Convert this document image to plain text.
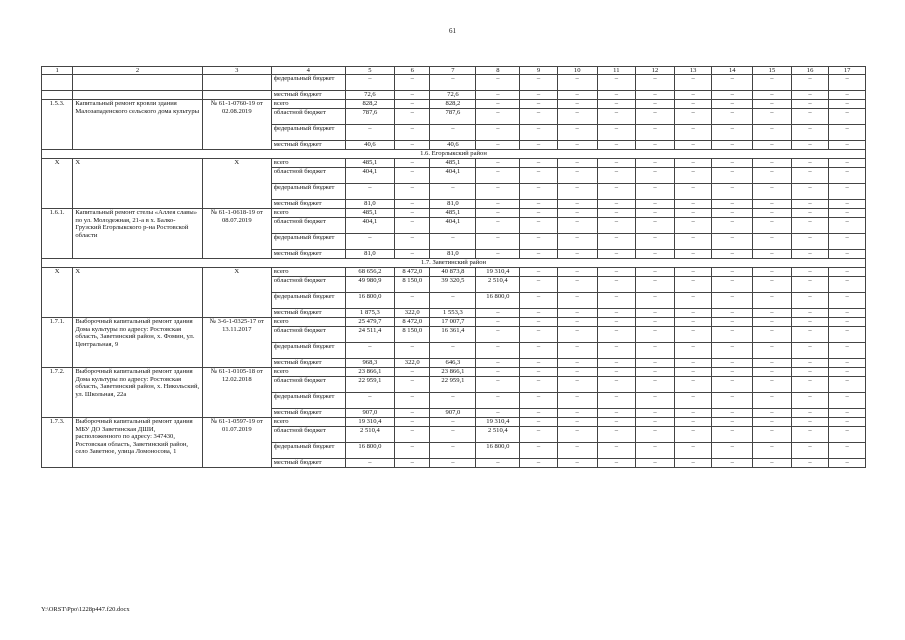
61
1	2	3	4	5	6	7	8	9	10	11	12	13	14	15	16	17
			федеральный бюджет	–	–	–	–	–	–	–	–	–	–	–	–	–
			местный бюджет	72,6	–	72,6	–	–	–	–	–	–	–	–	–	–
1.5.3.	Капитальный ремонт кровли здания Малозападенского сельского дома культуры	№ 61-1-0760-19 от 02.08.2019	всего	828,2	–	828,2	–	–	–	–	–	–	–	–	–	–
			областной бюджет	787,6	–	787,6	–	–	–	–	–	–	–	–	–	–
			федеральный бюджет	–	–	–	–	–	–	–	–	–	–	–	–	–
			местный бюджет	40,6	–	40,6	–	–	–	–	–	–	–	–	–	–
1.6. Егорлыкский район																
X	X	X	всего	485,1	–	485,1	–	–	–	–	–	–	–	–	–	–
			областной бюджет	404,1	–	404,1	–	–	–	–	–	–	–	–	–	–
			федеральный бюджет	–	–	–	–	–	–	–	–	–	–	–	–	–
			местный бюджет	81,0	–	81,0	–	–	–	–	–	–	–	–	–	–
1.6.1.	Капитальный ремонт стелы «Аллея славы» по ул. Молодежная, 21-а в х. Балко-Грузский Егорлыкского р-на Ростовской области	№ 61-1-0618-19 от 08.07.2019	всего	485,1	–	485,1	–	–	–	–	–	–	–	–	–	–
			областной бюджет	404,1	–	404,1	–	–	–	–	–	–	–	–	–	–
			федеральный бюджет	–	–	–	–	–	–	–	–	–	–	–	–	–
			местный бюджет	81,0	–	81,0	–	–	–	–	–	–	–	–	–	–
1.7. Заветинский район																
X	X	X	всего	68 656,2	8 472,0	40 873,8	19 310,4	–	–	–	–	–	–	–	–	–
			областной бюджет	49 980,9	8 150,0	39 320,5	2 510,4	–	–	–	–	–	–	–	–	–
			федеральный бюджет	16 800,0	–	–	16 800,0	–	–	–	–	–	–	–	–	–
			местный бюджет	1 875,3	322,0	1 553,3	–	–	–	–	–	–	–	–	–	–
1.7.1.	Выборочный капитальный ремонт здания Дома культуры по адресу: Ростовская область, Заветинский район, х. Фомин, ул. Центральная, 9	№ 3-6-1-0325-17 от 13.11.2017	всего	25 479,7	8 472,0	17 007,7	–	–	–	–	–	–	–	–	–	–
			областной бюджет	24 511,4	8 150,0	16 361,4	–	–	–	–	–	–	–	–	–	–
			федеральный бюджет	–	–	–	–	–	–	–	–	–	–	–	–	–
			местный бюджет	968,3	322,0	646,3	–	–	–	–	–	–	–	–	–	–
1.7.2.	Выборочный капитальный ремонт здания Дома культуры по адресу: Ростовская область, Заветинский район, х. Никольский, ул. Школьная, 22а	№ 61-1-0105-18 от 12.02.2018	всего	23 866,1	–	23 866,1	–	–	–	–	–	–	–	–	–	–
			областной бюджет	22 959,1	–	22 959,1	–	–	–	–	–	–	–	–	–	–
			федеральный бюджет	–	–	–	–	–	–	–	–	–	–	–	–	–
			местный бюджет	907,0	–	907,0	–	–	–	–	–	–	–	–	–	–
1.7.3.	Выборочный капитальный ремонт здания МБУ ДО Заветинская ДШИ, расположенного по адресу: 347430, Ростовская область, Заветинский район, село Заветное, улица Ломоносова, 1	№ 61-1-0597-19 от 01.07.2019	всего	19 310,4	–	–	19 310,4	–	–	–	–	–	–	–	–	–
			областной бюджет	2 510,4	–	–	2 510,4	–	–	–	–	–	–	–	–	–
			федеральный бюджет	16 800,0	–	–	16 800,0	–	–	–	–	–	–	–	–	–
			местный бюджет	–	–	–	–	–	–	–	–	–	–	–	–	–
Y:\ORST\Ppo\1228p447.f20.docx
